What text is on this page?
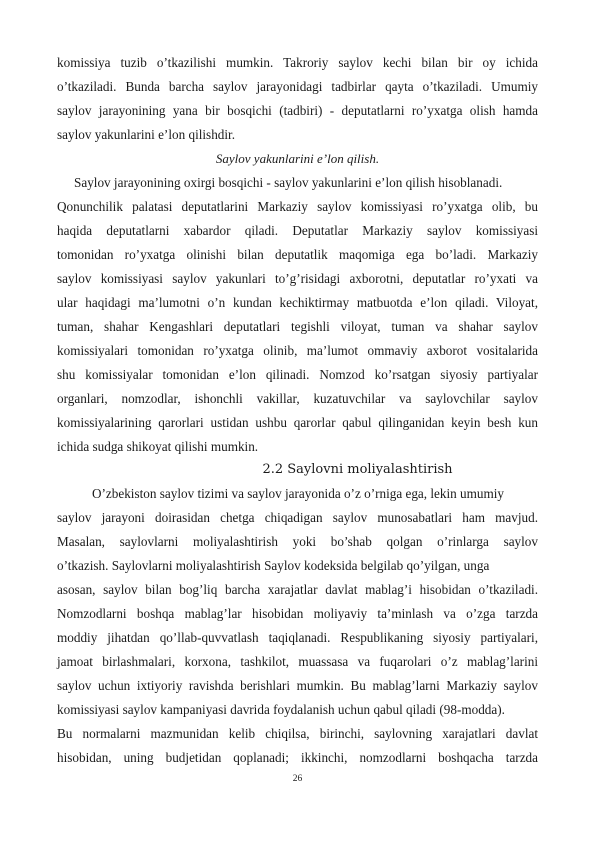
komissiya tuzib o’tkazilishi mumkin. Takroriy saylov kechi bilan bir oy ichida
o’tkaziladi. Bunda barcha saylov jarayonidagi tadbirlar qayta o’tkaziladi. Umumiy
saylov jarayonining yana bir bosqichi (tadbiri) - deputatlarni ro’yxatga olish hamda
saylov yakunlarini e’lon qilishdir.
Saylov yakunlarini e’lon qilish.
Saylov jarayonining oxirgi bosqichi - saylov yakunlarini e’lon qilish hisoblanadi.
Qonunchilik palatasi deputatlarini Markaziy saylov komissiyasi ro’yxatga olib, bu
haqida deputatlarni xabardor qiladi. Deputatlar Markaziy saylov komissiyasi
tomonidan ro’yxatga olinishi bilan deputatlik maqomiga ega bo’ladi. Markaziy
saylov komissiyasi saylov yakunlari to’g’risidagi axborotni, deputatlar ro’yxati va
ular haqidagi ma’lumotni o’n kundan kechiktirmay matbuotda e’lon qiladi. Viloyat,
tuman, shahar Kengashlari deputatlari tegishli viloyat, tuman va shahar saylov
komissiyalari tomonidan ro’yxatga olinib, ma’lumot ommaviy axborot vositalarida
shu komissiyalar tomonidan e’lon qilinadi. Nomzod ko’rsatgan siyosiy partiyalar
organlari, nomzodlar, ishonchli vakillar, kuzatuvchilar va saylovchilar saylov
komissiyalarining qarorlari ustidan ushbu qarorlar qabul qilinganidan keyin besh kun
ichida sudga shikoyat qilishi mumkin.
2.2 Saylovni moliyalashtirish
O’zbekiston saylov tizimi va saylov jarayonida o’z o’rniga ega, lekin umumiy
saylov jarayoni doirasidan chetga chiqadigan saylov munosabatlari ham mavjud.
Masalan, saylovlarni moliyalashtirish yoki bo’shab qolgan o’rinlarga saylov
o’tkazish. Saylovlarni moliyalashtirish Saylov kodeksida belgilab qo’yilgan, unga
asosan, saylov bilan bog’liq barcha xarajatlar davlat mablag’i hisobidan o’tkaziladi.
Nomzodlarni boshqa mablag’lar hisobidan moliyaviy ta’minlash va o’zga tarzda
moddiy jihatdan qo’llab-quvvatlash taqiqlanadi. Respublikaning siyosiy partiyalari,
jamoat birlashmalari, korxona, tashkilot, muassasa va fuqarolari o’z mablag’larini
saylov uchun ixtiyoriy ravishda berishlari mumkin. Bu mablag’larni Markaziy saylov
komissiyasi saylov kampaniyasi davrida foydalanish uchun qabul qiladi (98-modda).
Bu normalarni mazmunidan kelib chiqilsa, birinchi, saylovning xarajatlari davlat
hisobidan, uning budjetidan qoplanadi; ikkinchi, nomzodlarni boshqacha tarzda
26
